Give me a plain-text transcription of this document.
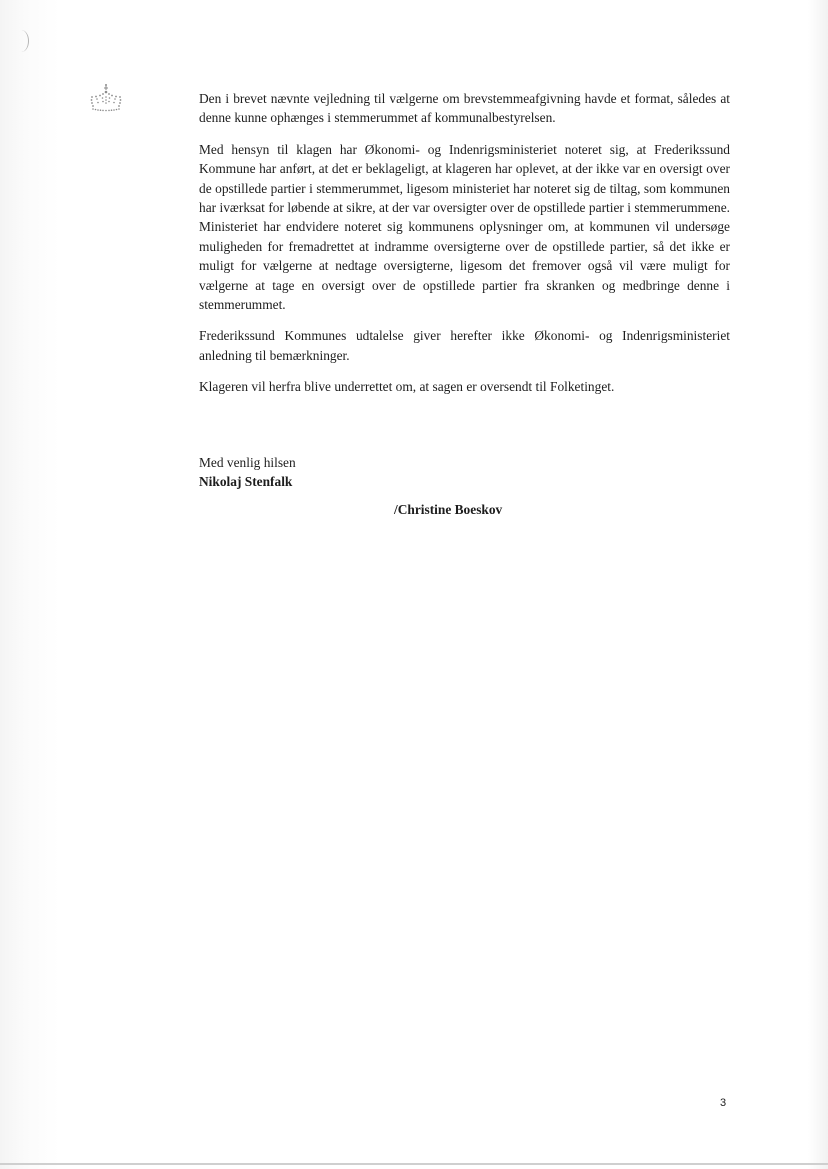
Den i brevet nævnte vejledning til vælgerne om brevstemmeafgivning havde et format, således at denne kunne ophænges i stemmerummet af kommunalbestyrelsen.

Med hensyn til klagen har Økonomi- og Indenrigsministeriet noteret sig, at Frederikssund Kommune har anført, at det er beklageligt, at klageren har oplevet, at der ikke var en oversigt over de opstillede partier i stemmerummet, ligesom ministeriet har noteret sig de tiltag, som kommunen har iværksat for løbende at sikre, at der var oversigter over de opstillede partier i stemmerummene. Ministeriet har endvidere noteret sig kommunens oplysninger om, at kommunen vil undersøge muligheden for fremadrettet at indramme oversigterne over de opstillede partier, så det ikke er muligt for vælgerne at nedtage oversigterne, ligesom det fremover også vil være muligt for vælgerne at tage en oversigt over de opstillede partier fra skranken og medbringe denne i stemmerummet.

Frederikssund Kommunes udtalelse giver herefter ikke Økonomi- og Indenrigsministeriet anledning til bemærkninger.

Klageren vil herfra blive underrettet om, at sagen er oversendt til Folketinget.

Med venlig hilsen
Nikolaj Stenfalk
/Christine Boeskov
3
